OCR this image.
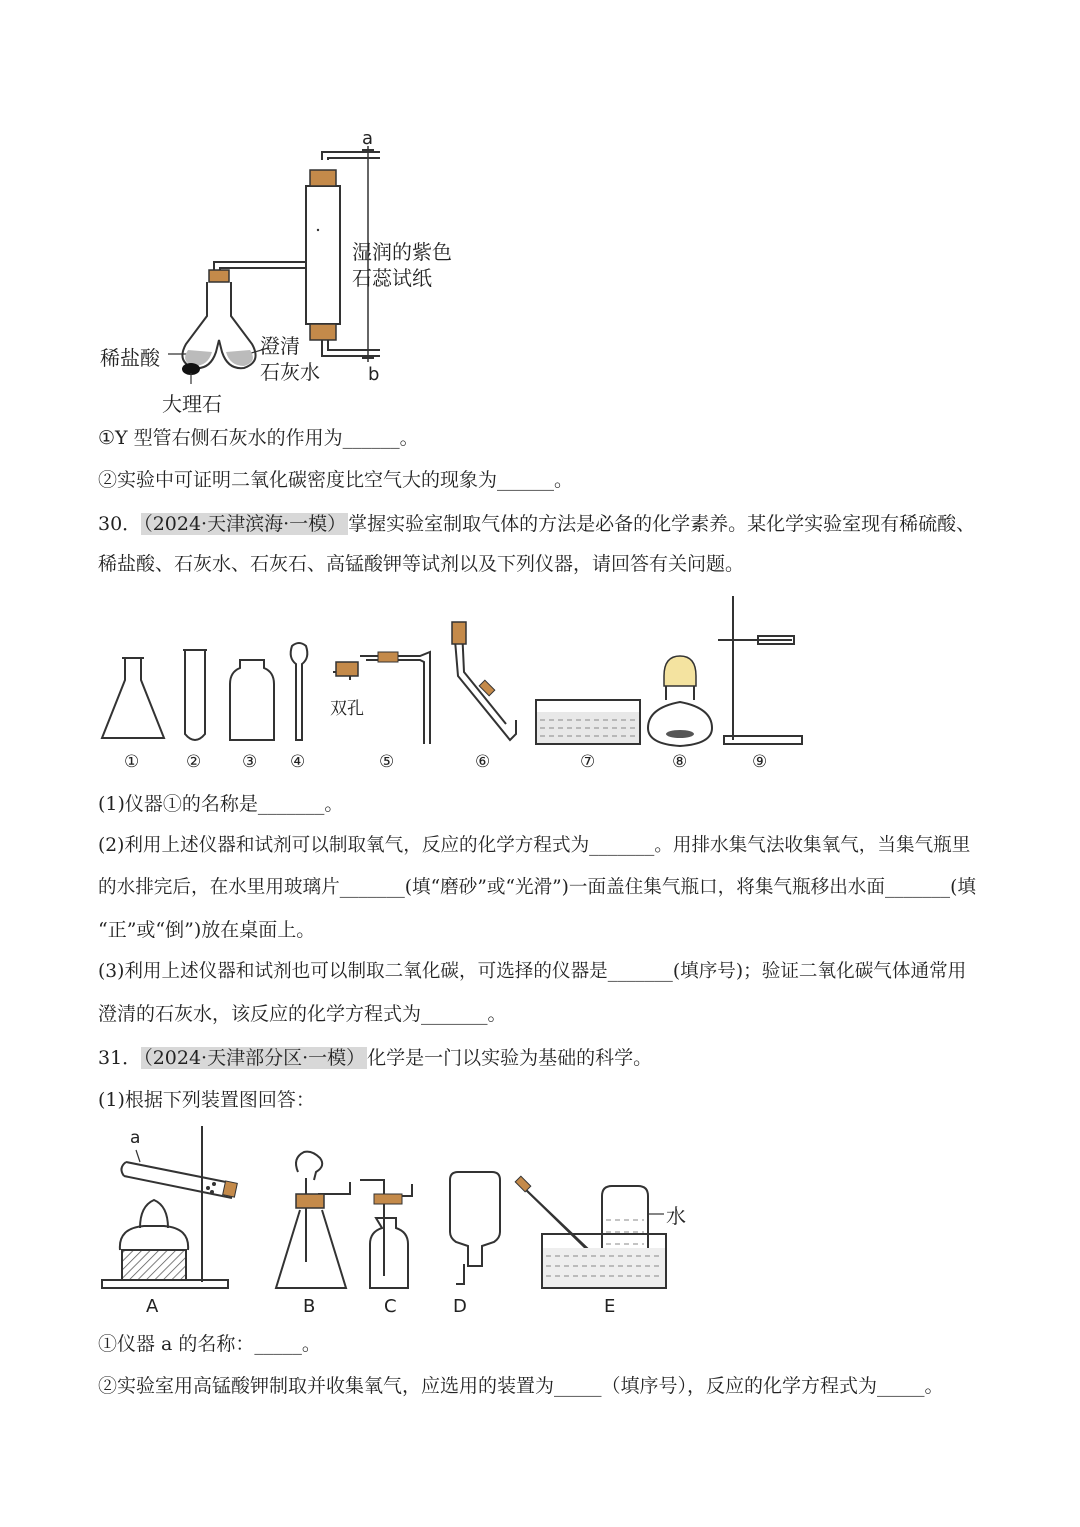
a
b
湿润的紫色
石蕊试纸
稀盐酸	澄清
石灰水
大理石
①Y 型管右侧石灰水的作用为______。
②实验中可证明二氧化碳密度比空气大的现象为______。
30． （2024·天津滨海·一模） 掌握实验室制取气体的方法是必备的化学素养。某化学实验室现有稀硫酸、
稀盐酸、石灰水、石灰石、高锰酸钾等试剂以及下列仪器，请回答有关问题。
双孔
①	② ③ ④	⑤	⑥	⑦	⑧	⑨
(1)仪器①的名称是_______。
(2)利用上述仪器和试剂可以制取氧气，反应的化学方程式为_______。用排水集气法收集氧气，当集气瓶里
的水排完后，在水里用玻璃片_______(填“磨砂”或“光滑”)一面盖住集气瓶口，将集气瓶移出水面_______(填
“正”或“倒”)放在桌面上。
(3)利用上述仪器和试剂也可以制取二氧化碳，可选择的仪器是_______(填序号)；验证二氧化碳气体通常用
澄清的石灰水，该反应的化学方程式为_______。
31． （2024·天津部分区·一模） 化学是一门以实验为基础的科学。
(1)根据下列装置图回答：
a
水
A	B	C	D	E
①仪器 a 的名称：_____。
②实验室用高锰酸钾制取并收集氧气，应选用的装置为_____（填序号），反应的化学方程式为_____。
